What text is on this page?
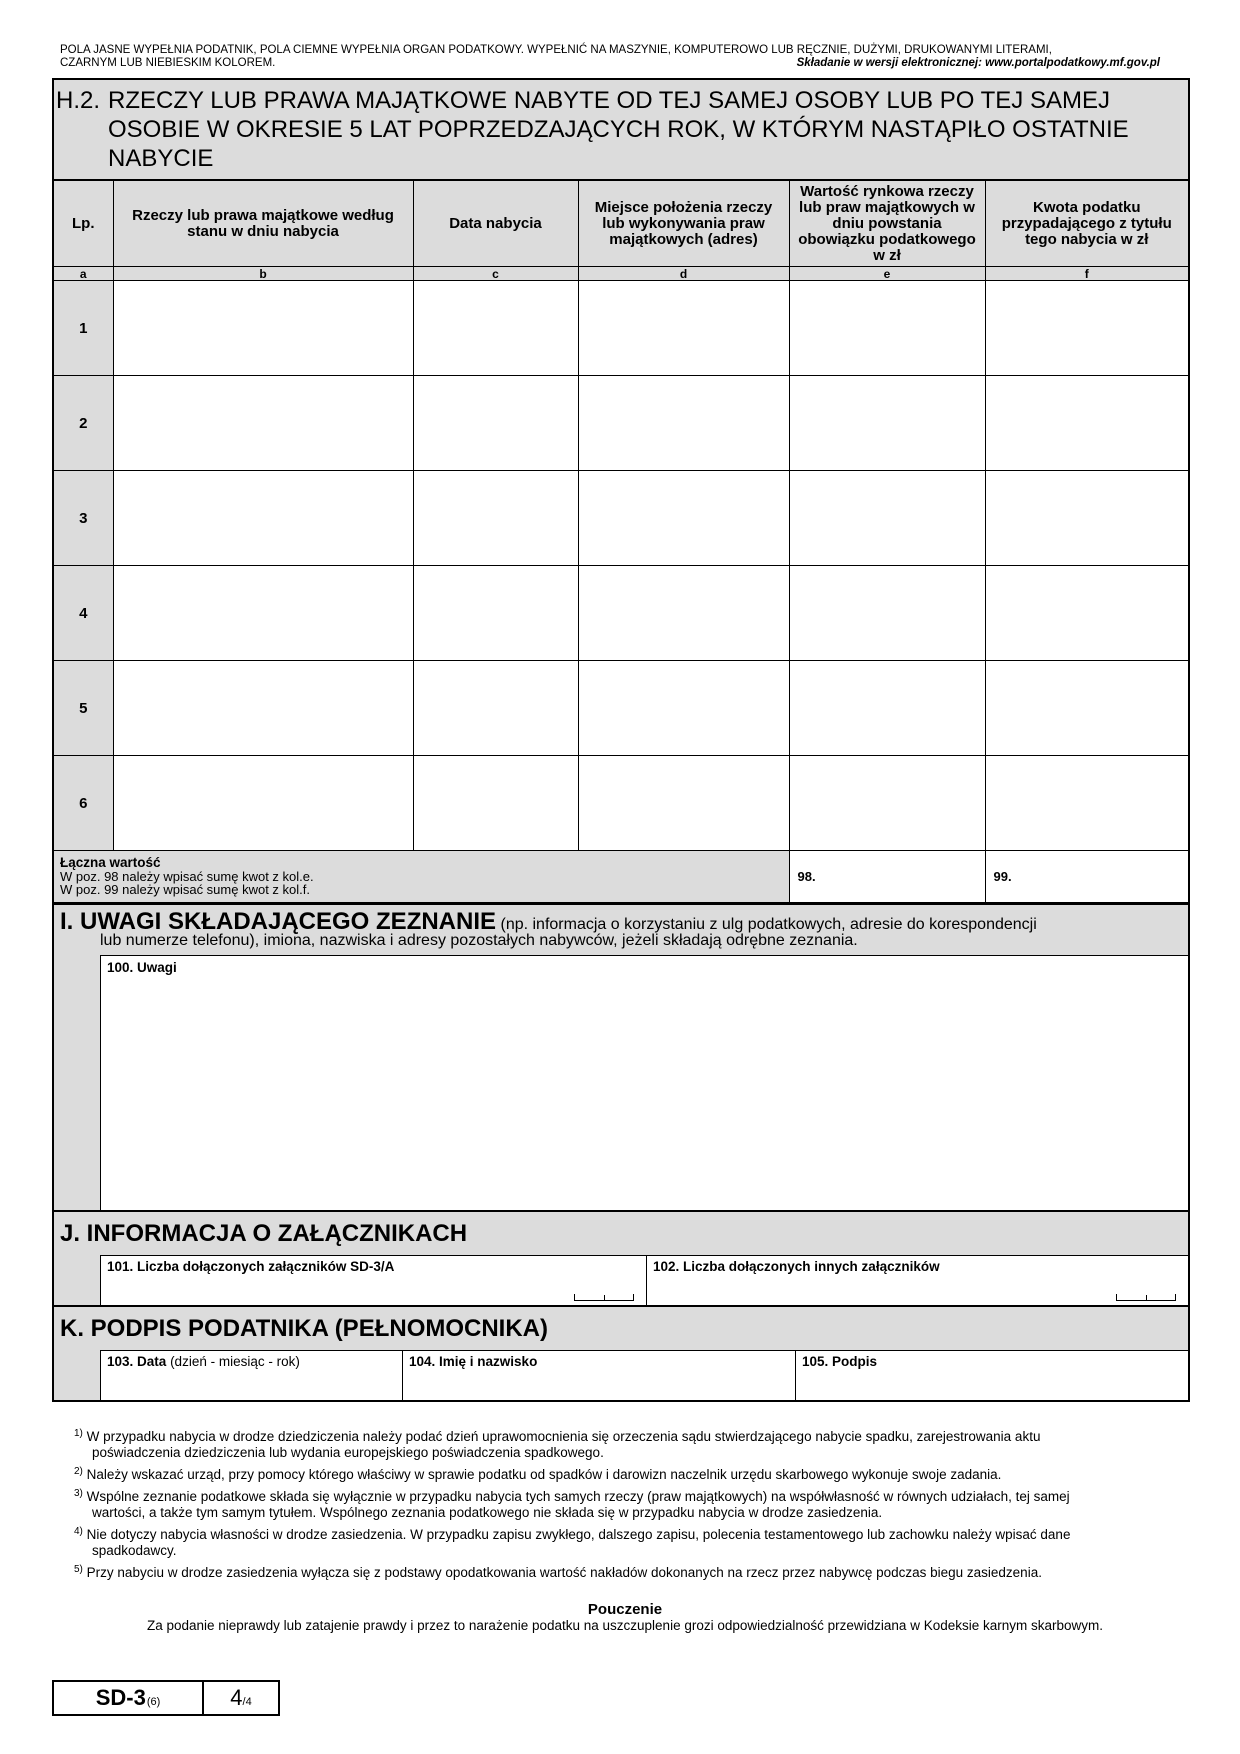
POLA JASNE WYPEŁNIA PODATNIK, POLA CIEMNE WYPEŁNIA ORGAN PODATKOWY. WYPEŁNIĆ NA MASZYNIE, KOMPUTEROWO LUB RĘCZNIE, DUŻYMI, DRUKOWANYMI LITERAMI,
CZARNYM LUB NIEBIESKIM KOLOREM.	Składanie w wersji elektronicznej: www.portalpodatkowy.mf.gov.pl
H.2. RZECZY LUB PRAWA MAJĄTKOWE NABYTE OD TEJ SAMEJ OSOBY LUB PO TEJ SAMEJ OSOBIE W OKRESIE 5 LAT POPRZEDZAJĄCYCH ROK, W KTÓRYM NASTĄPIŁO OSTATNIE NABYCIE
Lp.	Rzeczy lub prawa majątkowe według stanu w dniu nabycia	Data nabycia	Miejsce położenia rzeczy lub wykonywania praw majątkowych (adres)	Wartość rynkowa rzeczy lub praw majątkowych w dniu powstania obowiązku podatkowego w zł	Kwota podatku przypadającego z tytułu tego nabycia w zł
a	b	c	d	e	f
1					
2					
3					
4					
5					
6					
Łączna wartość
W poz. 98 należy wpisać sumę kwot z kol.e.
W poz. 99 należy wpisać sumę kwot z kol.f.				98.	99.
I. UWAGI SKŁADAJĄCEGO ZEZNANIE (np. informacja o korzystaniu z ulg podatkowych, adresie do korespondencji
lub numerze telefonu), imiona, nazwiska i adresy pozostałych nabywców, jeżeli składają odrębne zeznania.
100. Uwagi
J. INFORMACJA O ZAŁĄCZNIKACH
101. Liczba dołączonych załączników SD-3/A	102. Liczba dołączonych innych załączników
K. PODPIS PODATNIKA (PEŁNOMOCNIKA)
103. Data (dzień - miesiąc - rok)	104. Imię i nazwisko	105. Podpis
$^{1)}$ W przypadku nabycia w drodze dziedziczenia należy podać dzień uprawomocnienia się orzeczenia sądu stwierdzającego nabycie spadku, zarejestrowania aktu
poświadczenia dziedziczenia lub wydania europejskiego poświadczenia spadkowego.
$^{2)}$ Należy wskazać urząd, przy pomocy którego właściwy w sprawie podatku od spadków i darowizn naczelnik urzędu skarbowego wykonuje swoje zadania.
$^{3)}$ Wspólne zeznanie podatkowe składa się wyłącznie w przypadku nabycia tych samych rzeczy (praw majątkowych) na współwłasność w równych udziałach, tej samej
wartości, a także tym samym tytułem. Wspólnego zeznania podatkowego nie składa się w przypadku nabycia w drodze zasiedzenia.
$^{4)}$ Nie dotyczy nabycia własności w drodze zasiedzenia. W przypadku zapisu zwykłego, dalszego zapisu, polecenia testamentowego lub zachowku należy wpisać dane
spadkodawcy.
$^{5)}$ Przy nabyciu w drodze zasiedzenia wyłącza się z podstawy opodatkowania wartość nakładów dokonanych na rzecz przez nabywcę podczas biegu zasiedzenia.
Pouczenie
Za podanie nieprawdy lub zatajenie prawdy i przez to narażenie podatku na uszczuplenie grozi odpowiedzialność przewidziana w Kodeksie karnym skarbowym.
SD-3 (6)	4 /4
